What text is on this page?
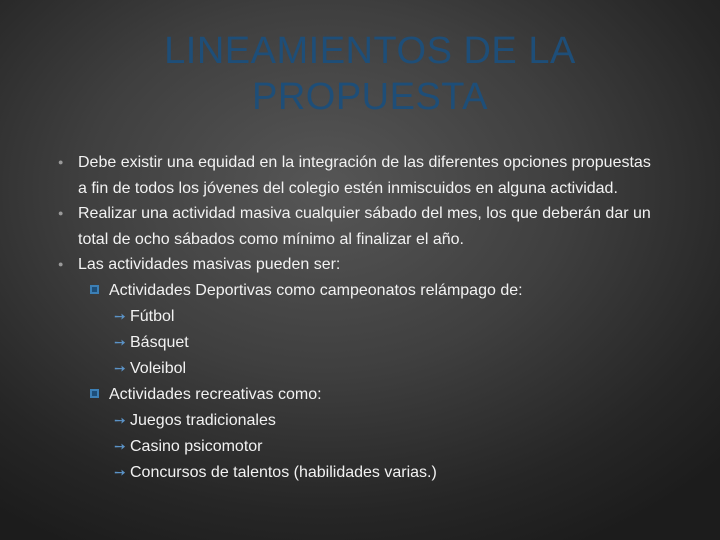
LINEAMIENTOS DE LA PROPUESTA
● Debe existir una equidad en la integración de las diferentes opciones propuestas a fin de todos los jóvenes del colegio estén inmiscuidos en alguna actividad.
● Realizar una actividad masiva cualquier sábado del mes, los que deberán dar un total de ocho sábados como mínimo al finalizar el año.
● Las actividades masivas pueden ser:
Actividades Deportivas como campeonatos relámpago de:
➙ Fútbol
➙ Básquet
➙ Voleibol
Actividades recreativas como:
➙ Juegos tradicionales
➙ Casino psicomotor
➙ Concursos de talentos (habilidades varias.)
